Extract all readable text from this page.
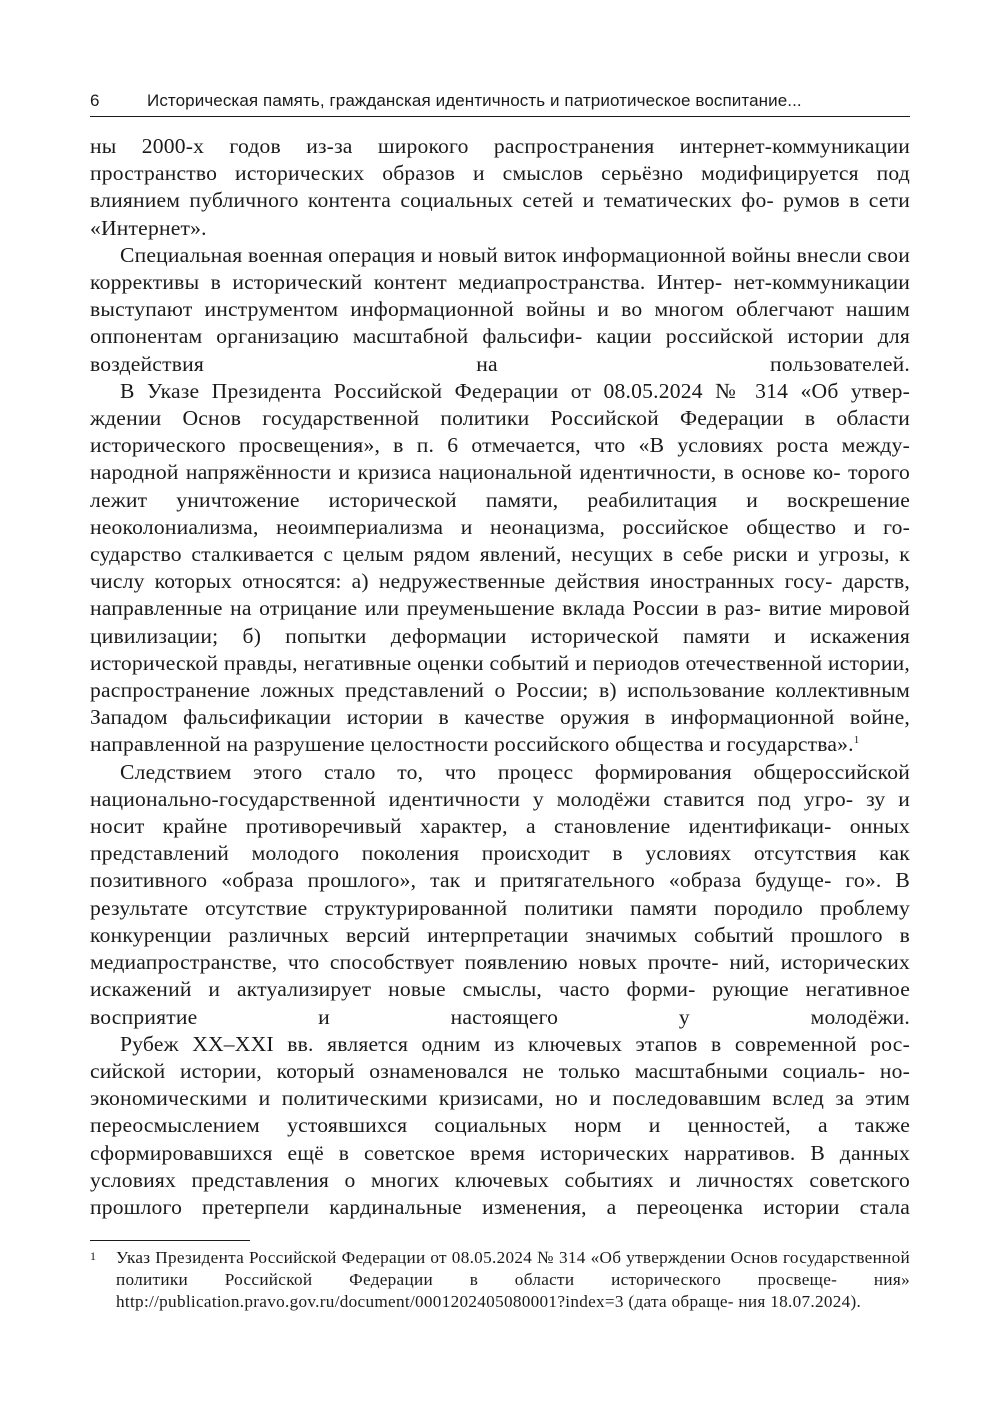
6	Историческая память, гражданская идентичность и патриотическое воспитание...

ны 2000-х годов из-за широкого распространения интернет-коммуникации пространство исторических образов и смыслов серьёзно модифицируется под влиянием публичного контента социальных сетей и тематических фо- румов в сети «Интернет».

Специальная военная операция и новый виток информационной войны внесли свои коррективы в исторический контент медиапространства. Интер- нет-коммуникации выступают инструментом информационной войны и во многом облегчают нашим оппонентам организацию масштабной фальсифи- кации российской истории для воздействия на пользователей.

В Указе Президента Российской Федерации от 08.05.2024 № 314 «Об утвер- ждении Основ государственной политики Российской Федерации в области исторического просвещения», в п. 6 отмечается, что «В условиях роста между- народной напряжённости и кризиса национальной идентичности, в основе ко- торого лежит уничтожение исторической памяти, реабилитация и воскрешение неоколониализма, неоимпериализма и неонацизма, российское общество и го- сударство сталкивается с целым рядом явлений, несущих в себе риски и угрозы, к числу которых относятся: а) недружественные действия иностранных госу- дарств, направленные на отрицание или преуменьшение вклада России в раз- витие мировой цивилизации; б) попытки деформации исторической памяти и искажения исторической правды, негативные оценки событий и периодов отечественной истории, распространение ложных представлений о России; в) использование коллективным Западом фальсификации истории в качестве оружия в информационной войне, направленной на разрушение целостности российского общества и государства».$^1$

Следствием этого стало то, что процесс формирования общероссийской национально-государственной идентичности у молодёжи ставится под угро- зу и носит крайне противоречивый характер, а становление идентификаци- онных представлений молодого поколения происходит в условиях отсутствия как позитивного «образа прошлого», так и притягательного «образа будуще- го». В результате отсутствие структурированной политики памяти породило проблему конкуренции различных версий интерпретации значимых событий прошлого в медиапространстве, что способствует появлению новых прочте- ний, исторических искажений и актуализирует новые смыслы, часто форми- рующие негативное восприятие и настоящего у молодёжи.

Рубеж XX–XXI вв. является одним из ключевых этапов в современной рос- сийской истории, который ознаменовался не только масштабными социаль- но-экономическими и политическими кризисами, но и последовавшим вслед за этим переосмыслением устоявшихся социальных норм и ценностей, а также сформировавшихся ещё в советское время исторических нарративов. В данных условиях представления о многих ключевых событиях и личностях советского прошлого претерпели кардинальные изменения, а переоценка истории стала

1	Указ Президента Российской Федерации от 08.05.2024 № 314 «Об утверждении Основ государственной политики Российской Федерации в области исторического просвеще- ния» http://publication.pravo.gov.ru/document/0001202405080001?index=3 (дата обраще- ния 18.07.2024).
